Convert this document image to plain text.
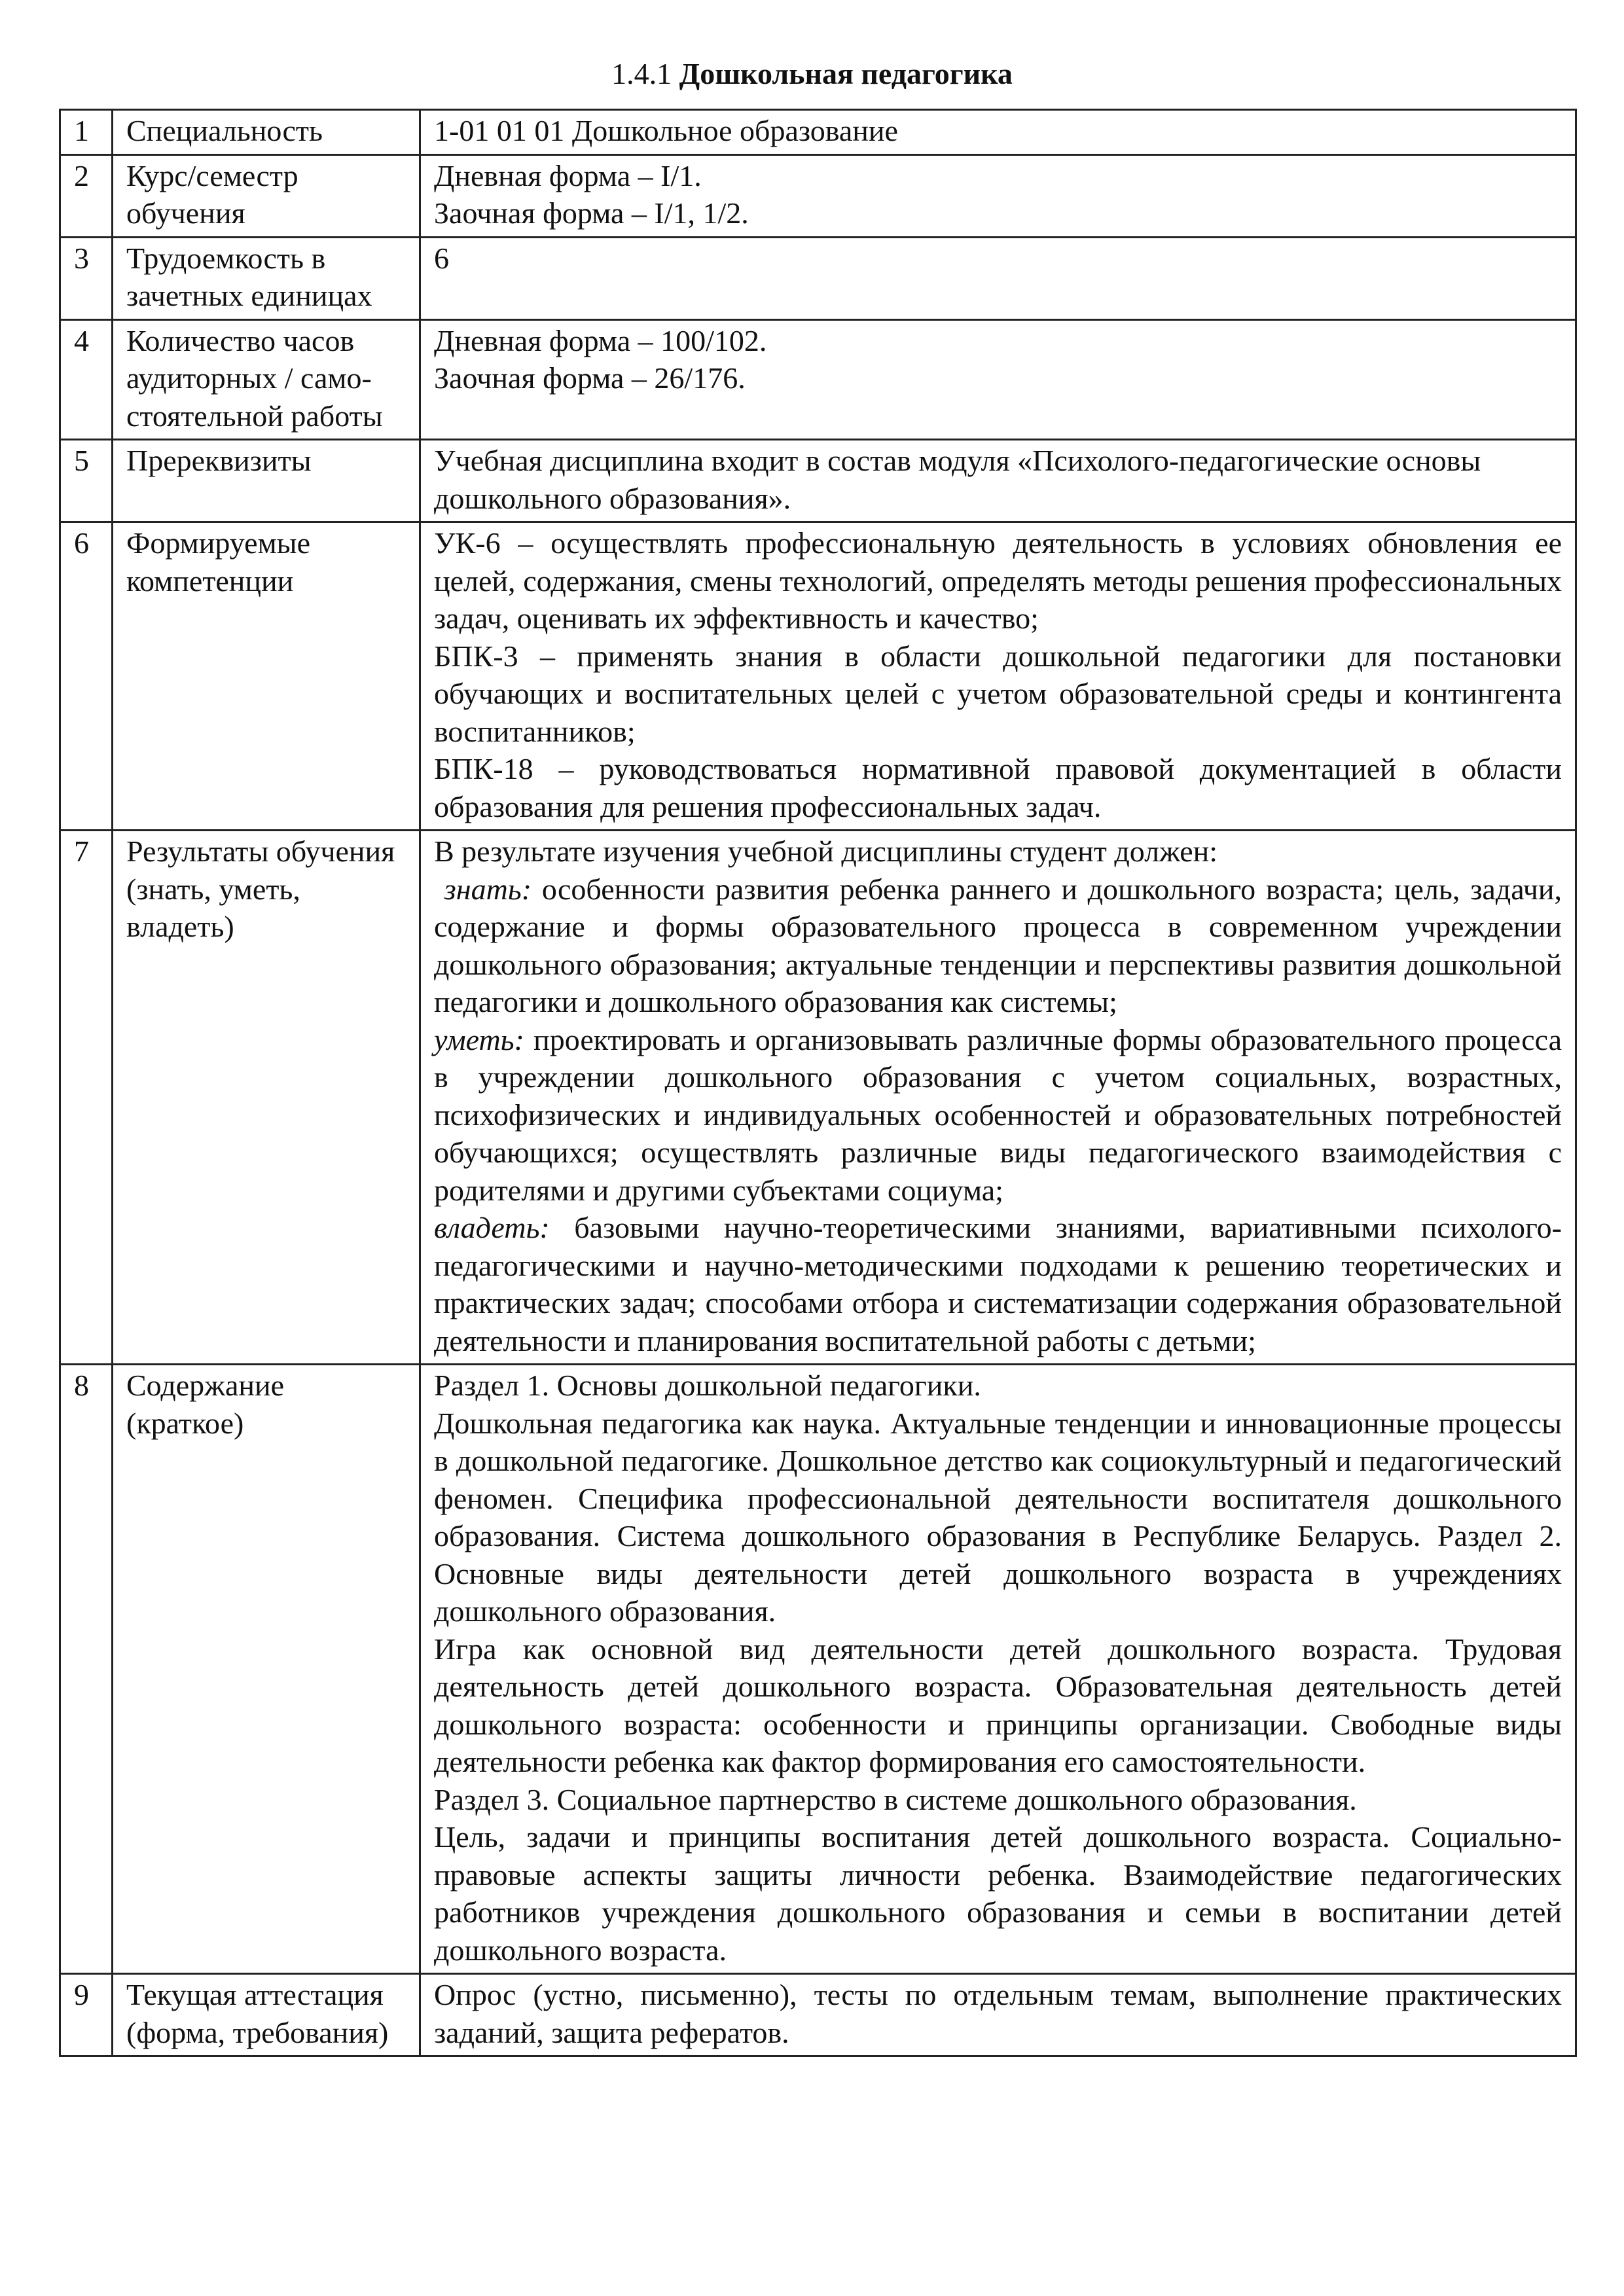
1.4.1 Дошкольная педагогика
1	Специальность	1-01 01 01 Дошкольное образование

2	Курс/семестр обучения	Дневная форма – I/1.
Заочная форма – I/1, 1/2.

3	Трудоемкость в зачетных единицах	6

4	Количество часов аудиторных / само-стоятельной работы	Дневная форма – 100/102.
Заочная форма – 26/176.

5	Пререквизиты	Учебная дисциплина входит в состав модуля «Психолого-педагогические основы дошкольного образования».

6	Формируемые компетенции	УК-6 – осуществлять профессиональную деятельность в условиях обновления ее целей, содержания, смены технологий, определять методы решения профессиональных задач, оценивать их эффективность и качество;
БПК-3 – применять знания в области дошкольной педагогики для постановки обучающих и воспитательных целей с учетом образовательной среды и контингента воспитанников;
БПК-18 – руководствоваться нормативной правовой документацией в области образования для решения профессиональных задач.

7	Результаты обучения (знать, уметь, владеть)	В результате изучения учебной дисциплины студент должен:
знать: особенности развития ребенка раннего и дошкольного возраста; цель, задачи, содержание и формы образовательного процесса в современном учреждении дошкольного образования; актуальные тенденции и перспективы развития дошкольной педагогики и дошкольного образования как системы;
уметь: проектировать и организовывать различные формы образовательного процесса в учреждении дошкольного образования с учетом социальных, возрастных, психофизических и индивидуальных особенностей и образовательных потребностей обучающихся; осуществлять различные виды педагогического взаимодействия с родителями и другими субъектами социума;
владеть: базовыми научно-теоретическими знаниями, вариативными психолого-педагогическими и научно-методическими подходами к решению теоретических и практических задач; способами отбора и систематизации содержания образовательной деятельности и планирования воспитательной работы с детьми;

8	Содержание (краткое)	Раздел 1. Основы дошкольной педагогики.
Дошкольная педагогика как наука. Актуальные тенденции и инновационные процессы в дошкольной педагогике. Дошкольное детство как социокультурный и педагогический феномен. Специфика профессиональной деятельности воспитателя дошкольного образования. Система дошкольного образования в Республике Беларусь. Раздел 2. Основные виды деятельности детей дошкольного возраста в учреждениях дошкольного образования.
Игра как основной вид деятельности детей дошкольного возраста. Трудовая деятельность детей дошкольного возраста. Образовательная деятельность детей дошкольного возраста: особенности и принципы организации. Свободные виды деятельности ребенка как фактор формирования его самостоятельности.
Раздел 3. Социальное партнерство в системе дошкольного образования.
Цель, задачи и принципы воспитания детей дошкольного возраста. Социально-правовые аспекты защиты личности ребенка. Взаимодействие педагогических работников учреждения дошкольного образования и семьи в воспитании детей дошкольного возраста.

9	Текущая аттестация (форма, требования)	Опрос (устно, письменно), тесты по отдельным темам, выполнение практических заданий, защита рефератов.
